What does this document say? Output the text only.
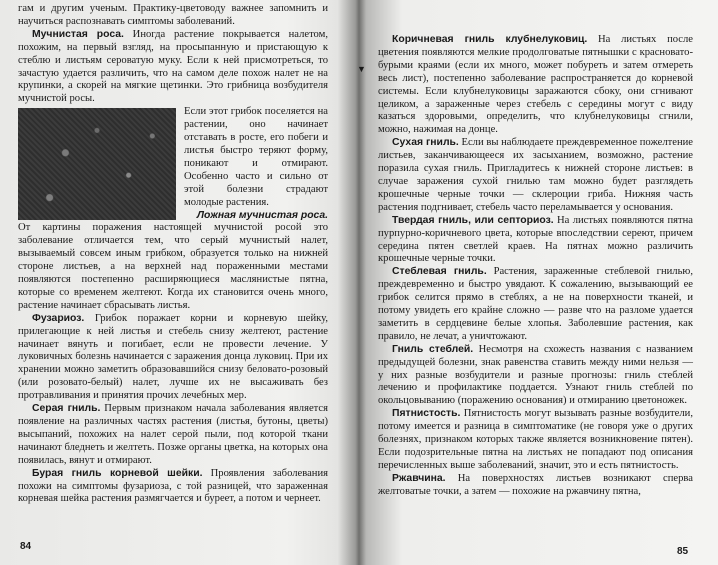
гам и другим ученым. Практику-цветоводу важнее запомнить и научиться распознавать симптомы заболеваний.

Мучнистая роса. Иногда растение покрывается налетом, похожим, на первый взгляд, на просыпанную и пристающую к стеблю и листьям сероватую муку. Если к ней присмотреться, то зачастую удается различить, что на самом деле похож налет не на крупинки, а скорей на мягкие щетинки. Это грибница возбудителя мучнистой росы.

Если этот грибок поселяется на растении, оно начинает отставать в росте, его побеги и листья быстро теряют форму, поникают и отмирают. Особенно часто и сильно от этой болезни страдают молодые растения.

Ложная мучнистая роса.

От картины поражения настоящей мучнистой росой это заболевание отличается тем, что серый мучнистый налет, вызываемый совсем иным грибком, образуется только на нижней стороне листьев, а на верхней над пораженными местами появляются постепенно расширяющиеся маслянистые пятна, которые со временем желтеют. Когда их становится очень много, растение начинает сбрасывать листья.

Фузариоз. Грибок поражает корни и корневую шейку, прилегающие к ней листья и стебель снизу желтеют, растение начинает вянуть и погибает, если не провести лечение. У луковичных болезнь начинается с заражения донца луковиц. При их хранении можно заметить образовавшийся снизу беловато-розовый (или розовато-белый) налет, лучше их не высаживать без протравливания и принятия прочих лечебных мер.

Серая гниль. Первым признаком начала заболевания является появление на различных частях растения (листья, бутоны, цветы) высыпаний, похожих на налет серой пыли, под которой ткани начинают бледнеть и желтеть. Позже органы цветка, на которых она появилась, вянут и отмирают.

Бурая гниль корневой шейки. Проявления заболевания похожи на симптомы фузариоза, с той разницей, что зараженная корневая шейка растения размягчается и буреет, а потом и чернеет.

84
▼

Коричневая гниль клубнелуковиц. На листьях после цветения появляются мелкие продолговатые пятнышки с красновато-бурыми краями (если их много, может побуреть и затем отмереть весь лист), постепенно заболевание распространяется до корневой системы. Если клубнелуковицы заражаются сбоку, они сгнивают целиком, а зараженные через стебель с середины могут с виду казаться здоровыми, определить, что клубнелуковицы сгнили, можно, нажимая на донце.

Сухая гниль. Если вы наблюдаете преждевременное пожелтение листьев, заканчивающееся их засыханием, возможно, растение поразила сухая гниль. Пригладитесь к нижней стороне листьев: в случае заражения сухой гнилью там можно будет разглядеть крошечные черные точки — склероции гриба. Нижняя часть растения подгнивает, стебель часто переламывается у основания.

Твердая гниль, или септориоз. На листьях появляются пятна пурпурно-коричневого цвета, которые впоследствии сереют, причем середина пятен светлей краев. На пятнах можно различить крошечные черные точки.

Стеблевая гниль. Растения, зараженные стеблевой гнилью, преждевременно и быстро увядают. К сожалению, вызывающий ее грибок селится прямо в стеблях, а не на поверхности тканей, и потому увидеть его крайне сложно — разве что на разломе удается заметить в сердцевине белые хлопья. Заболевшие растения, как правило, не лечат, а уничтожают.

Гниль стеблей. Несмотря на схожесть названия с названием предыдущей болезни, знак равенства ставить между ними нельзя — у них разные возбудители и разные прогнозы: гниль стеблей лечению и профилактике поддается. Узнают гниль стеблей по окольцовыванию (поражению основания) и отмиранию цветоножек.

Пятнистость. Пятнистость могут вызывать разные возбудители, потому имеется и разница в симптоматике (не говоря уже о других болезнях, признаком которых также является возникновение пятен). Если подозрительные пятна на листьях не попадают под описания перечисленных выше заболеваний, значит, это и есть пятнистость.

Ржавчина. На поверхностях листьев возникают сперва желтоватые точки, а затем — похожие на ржавчину пятна,

85
